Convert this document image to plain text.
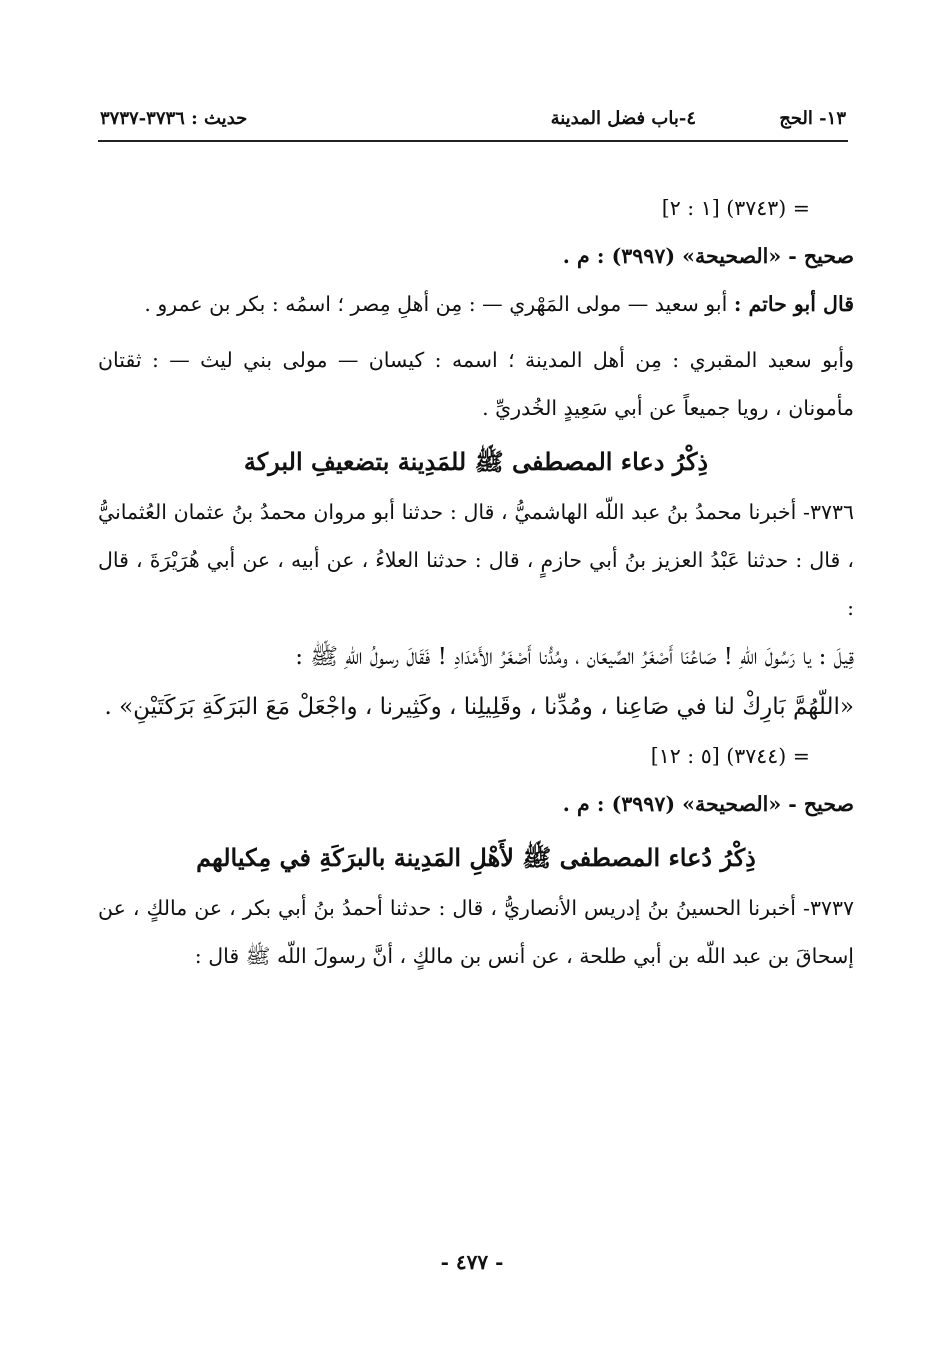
١٣- الحج
٤-باب فضل المدينة
حديث : ٣٧٣٦-٣٧٣٧

= (٣٧٤٣) [١ : ٢]

صحيح - «الصحيحة» (٣٩٩٧) : م .

قال أبو حاتم : أبو سعيد — مولى المَهْري — : مِن أهلِ مِصر ؛ اسمُه : بكر بن عمرو .

وأبو سعيد المقبري : مِن أهل المدينة ؛ اسمه : كيسان — مولى بني ليث — : ثقتان مأمونان ، رويا جميعاً عن أبي سَعِيدٍ الخُدريِّ .

ذِكْرُ دعاء المصطفى ﷺ للمَدِينة بتضعيفِ البركة

٣٧٣٦- أخبرنا محمدُ بنُ عبد اللّه الهاشميُّ ، قال : حدثنا أبو مروان محمدُ بنُ عثمان العُثمانيُّ ، قال : حدثنا عَبْدُ العزيز بنُ أبي حازمٍ ، قال : حدثنا العلاءُ ، عن أبيه ، عن أبي هُرَيْرَةَ ، قال :

قِيلَ : يا رَسُولَ اللّهِ ! صَاعُنَا أَصْغَرُ الصِّيعَان ، ومُدُّنا أَصْغَرُ الأَمْدَادِ ! فَقَالَ رسولُ اللّهِ ﷺ :

«اللّهُمَّ بَارِكْ لنا في صَاعِنا ، ومُدِّنا ، وقَلِيلِنا ، وكَثِيرنا ، واجْعَلْ مَعَ البَرَكَةِ بَرَكَتَيْنِ» .

= (٣٧٤٤) [٥ : ١٢]

صحيح - «الصحيحة» (٣٩٩٧) : م .

ذِكْرُ دُعاء المصطفى ﷺ لأَهْلِ المَدِينة بالبرَكَةِ في مِكيالهم

٣٧٣٧- أخبرنا الحسينُ بنُ إدريس الأنصاريُّ ، قال : حدثنا أحمدُ بنُ أبي بكر ، عن مالكٍ ، عن إسحاقَ بن عبد اللّه بن أبي طلحة ، عن أنس بن مالكٍ ، أنَّ رسولَ اللّه ﷺ قال :

- ٤٧٧ -
